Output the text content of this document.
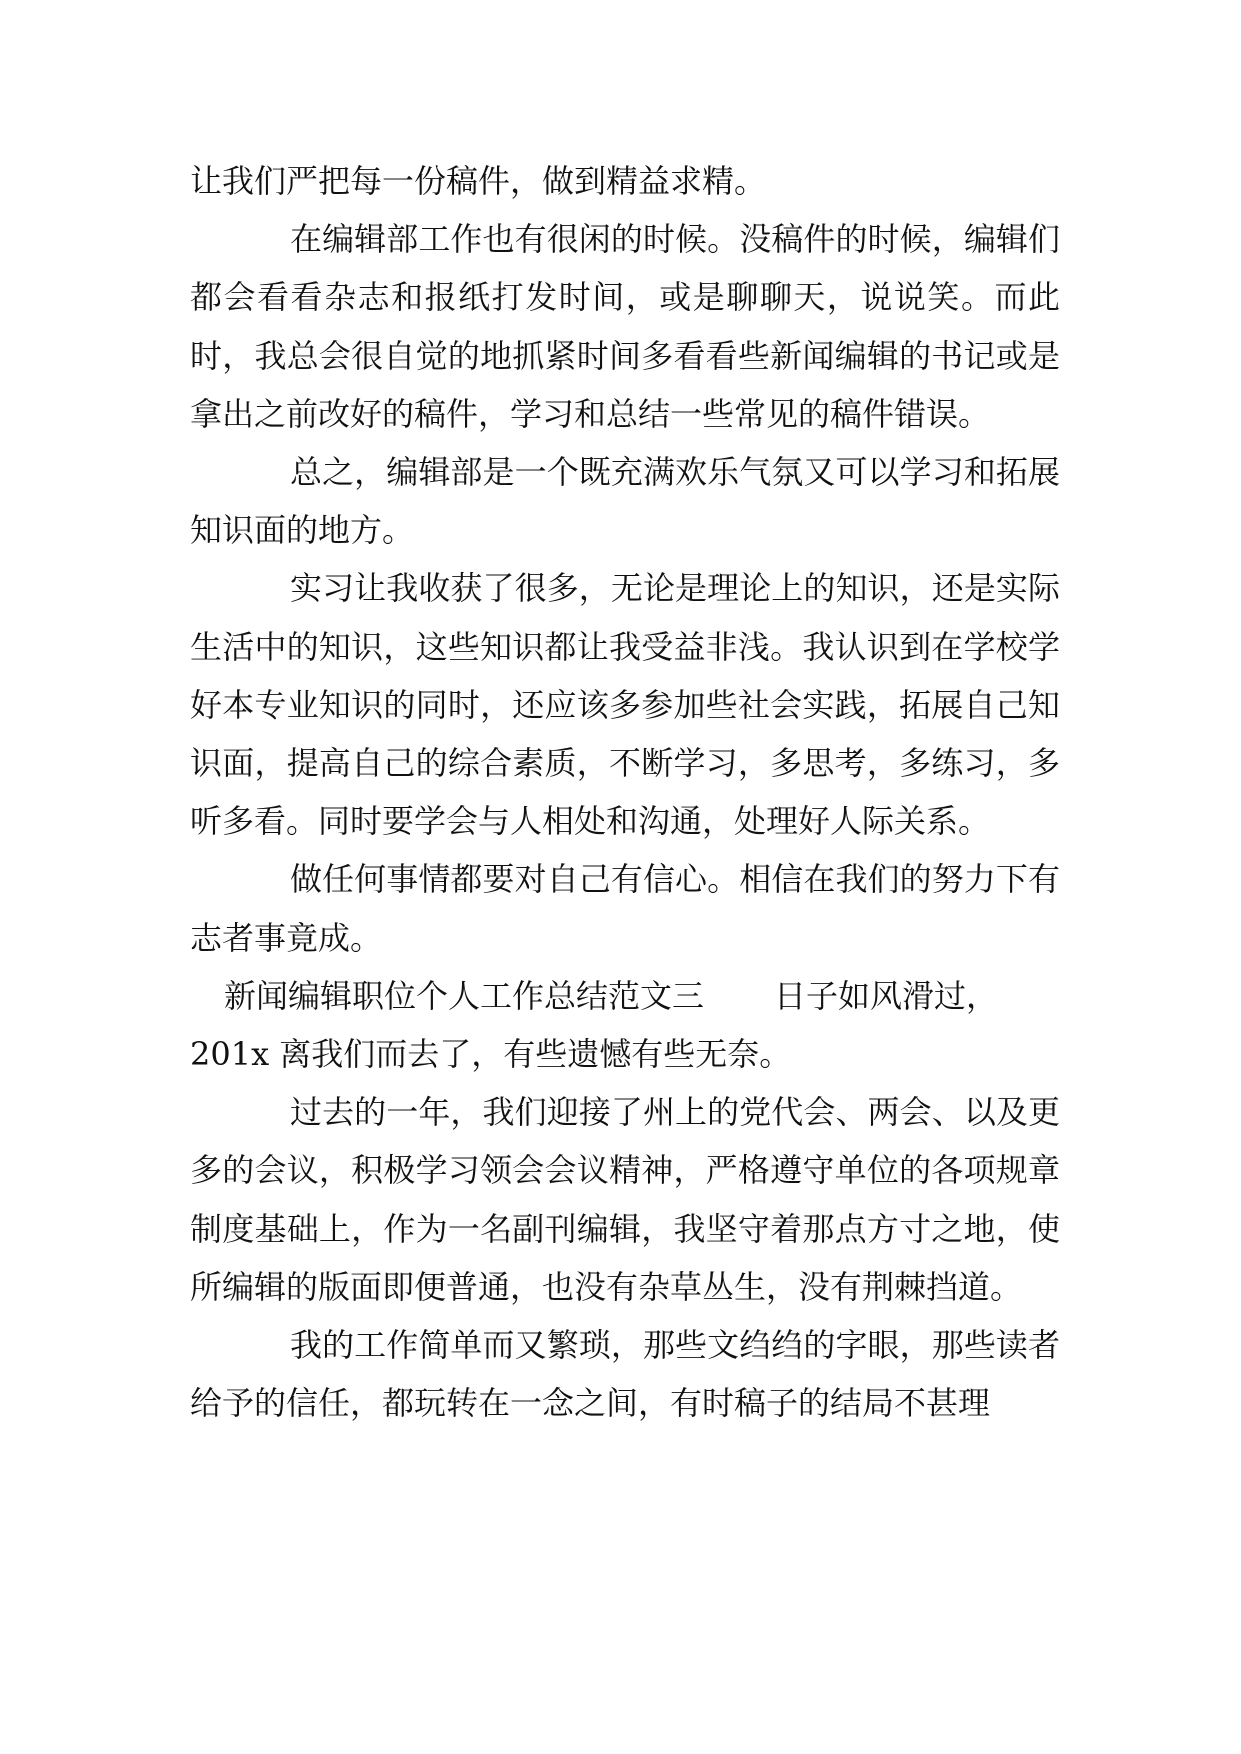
让我们严把每一份稿件，做到精益求精。

在编辑部工作也有很闲的时候。没稿件的时候，编辑们都会看看杂志和报纸打发时间，或是聊聊天，说说笑。而此时，我总会很自觉的地抓紧时间多看看些新闻编辑的书记或是拿出之前改好的稿件，学习和总结一些常见的稿件错误。

总之，编辑部是一个既充满欢乐气氛又可以学习和拓展知识面的地方。

实习让我收获了很多，无论是理论上的知识，还是实际生活中的知识，这些知识都让我受益非浅。我认识到在学校学好本专业知识的同时，还应该多参加些社会实践，拓展自己知识面，提高自己的综合素质，不断学习，多思考，多练习，多听多看。同时要学会与人相处和沟通，处理好人际关系。

做任何事情都要对自己有信心。相信在我们的努力下有志者事竟成。

新闻编辑职位个人工作总结范文三 日子如风滑过，

201x 离我们而去了，有些遗憾有些无奈。

过去的一年，我们迎接了州上的党代会、两会、以及更多的会议，积极学习领会会议精神，严格遵守单位的各项规章制度基础上，作为一名副刊编辑，我坚守着那点方寸之地，使所编辑的版面即便普通，也没有杂草丛生，没有荆棘挡道。

我的工作简单而又繁琐，那些文绉绉的字眼，那些读者给予的信任，都玩转在一念之间，有时稿子的结局不甚理
